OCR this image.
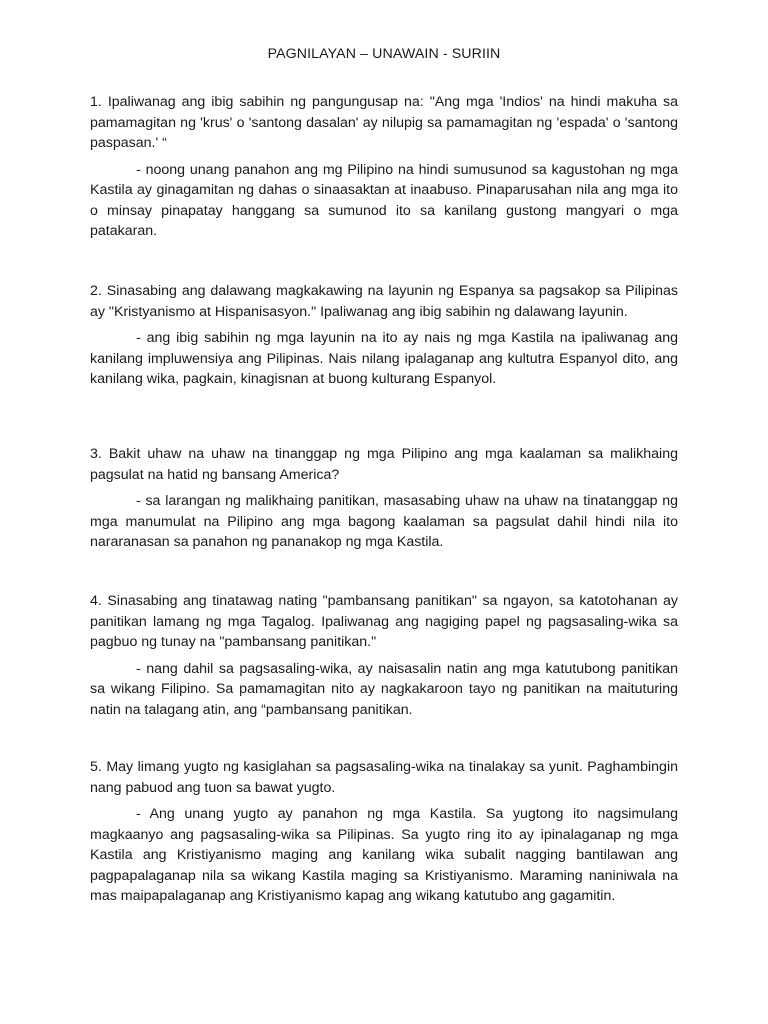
PAGNILAYAN – UNAWAIN - SURIIN

1. Ipaliwanag ang ibig sabihin ng pangungusap na: "Ang mga 'Indios' na hindi makuha sa pamamagitan ng 'krus' o 'santong dasalan' ay nilupig sa pamamagitan ng 'espada' o 'santong paspasan.' “

- noong unang panahon ang mg Pilipino na hindi sumusunod sa kagustohan ng mga Kastila ay ginagamitan ng dahas o sinaasaktan at inaabuso. Pinaparusahan nila ang mga ito o minsay pinapatay hanggang sa sumunod ito sa kanilang gustong mangyari o mga patakaran.

2. Sinasabing ang dalawang magkakawing na layunin ng Espanya sa pagsakop sa Pilipinas ay "Kristyanismo at Hispanisasyon." Ipaliwanag ang ibig sabihin ng dalawang layunin.

- ang ibig sabihin ng mga layunin na ito ay nais ng mga Kastila na ipaliwanag ang kanilang impluwensiya ang Pilipinas. Nais nilang ipalaganap ang kultutra Espanyol dito, ang kanilang wika, pagkain, kinagisnan at buong kulturang Espanyol.

3. Bakit uhaw na uhaw na tinanggap ng mga Pilipino ang mga kaalaman sa malikhaing pagsulat na hatid ng bansang America?

- sa larangan ng malikhaing panitikan, masasabing uhaw na uhaw na tinatanggap ng mga manumulat na Pilipino ang mga bagong kaalaman sa pagsulat dahil hindi nila ito nararanasan sa panahon ng pananakop ng mga Kastila.

4. Sinasabing ang tinatawag nating "pambansang panitikan" sa ngayon, sa katotohanan ay panitikan lamang ng mga Tagalog. Ipaliwanag ang nagiging papel ng pagsasaling-wika sa pagbuo ng tunay na "pambansang panitikan."

- nang dahil sa pagsasaling-wika, ay naisasalin natin ang mga katutubong panitikan sa wikang Filipino. Sa pamamagitan nito ay nagkakaroon tayo ng panitikan na maituturing natin na talagang atin, ang “pambansang panitikan.

5. May limang yugto ng kasiglahan sa pagsasaling-wika na tinalakay sa yunit. Paghambingin nang pabuod ang tuon sa bawat yugto.

- Ang unang yugto ay panahon ng mga Kastila. Sa yugtong ito nagsimulang magkaanyo ang pagsasaling-wika sa Pilipinas. Sa yugto ring ito ay ipinalaganap ng mga Kastila ang Kristiyanismo maging ang kanilang wika subalit nagging bantilawan ang pagpapalaganap nila sa wikang Kastila maging sa Kristiyanismo. Maraming naniniwala na mas maipapalaganap ang Kristiyanismo kapag ang wikang katutubo ang gagamitin.
